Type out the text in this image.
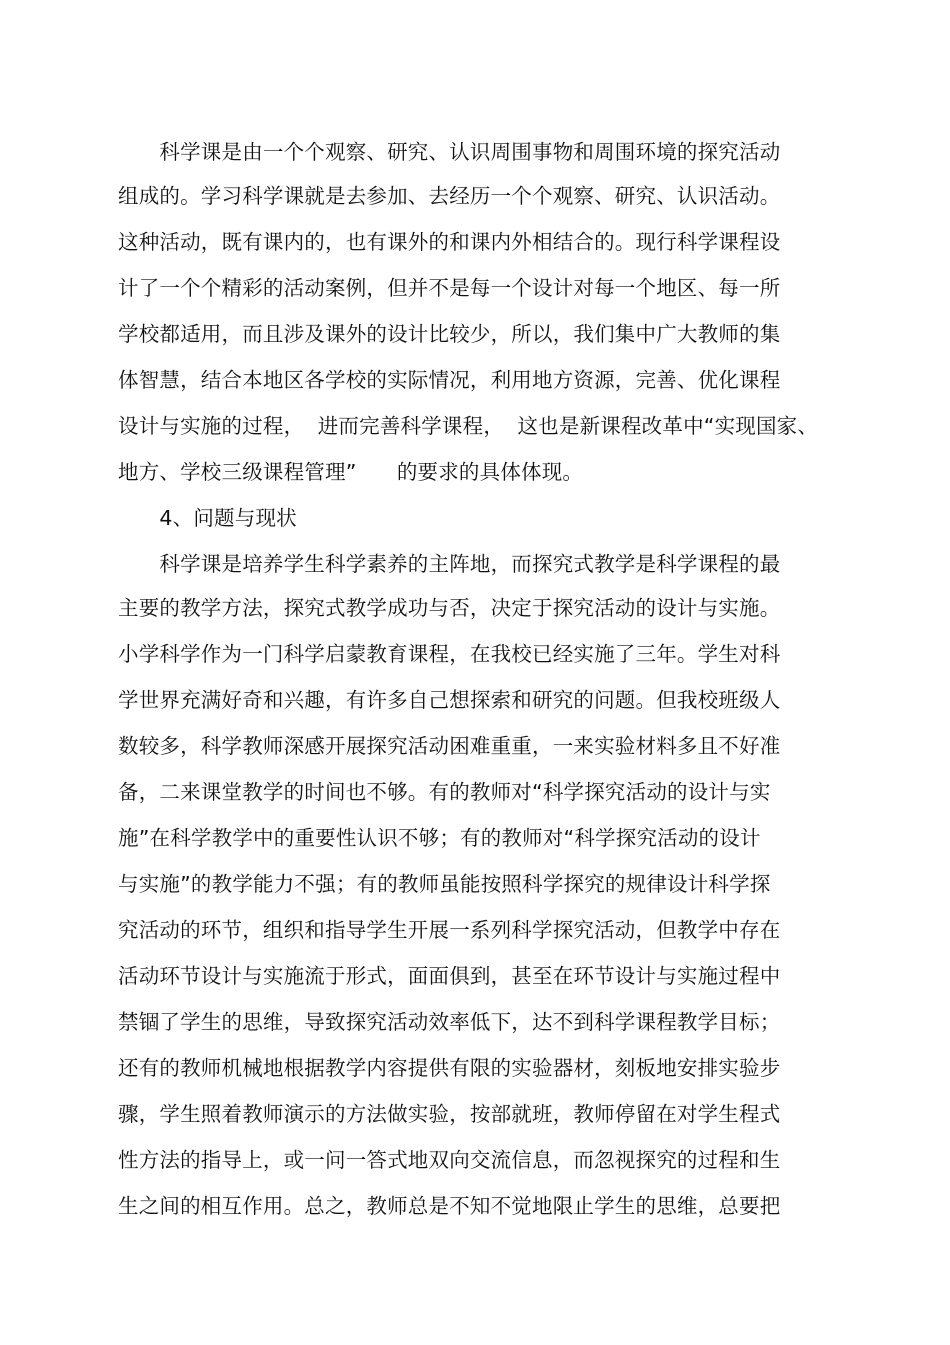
　　科学课是由一个个观察、研究、认识周围事物和周围环境的探究活动
组成的。学习科学课就是去参加、去经历一个个观察、研究、认识活动。
这种活动，既有课内的，也有课外的和课内外相结合的。现行科学课程设
计了一个个精彩的活动案例，但并不是每一个设计对每一个地区、每一所
学校都适用，而且涉及课外的设计比较少，所以，我们集中广大教师的集
体智慧，结合本地区各学校的实际情况，利用地方资源，完善、优化课程
设计与实施的过程，  进而完善科学课程，  这也是新课程改革中“实现国家、
地方、学校三级课程管理”      的要求的具体体现。
　　4、问题与现状
　　科学课是培养学生科学素养的主阵地，而探究式教学是科学课程的最
主要的教学方法，探究式教学成功与否，决定于探究活动的设计与实施。
小学科学作为一门科学启蒙教育课程，在我校已经实施了三年。学生对科
学世界充满好奇和兴趣，有许多自己想探索和研究的问题。但我校班级人
数较多，科学教师深感开展探究活动困难重重，一来实验材料多且不好准
备，二来课堂教学的时间也不够。有的教师对“科学探究活动的设计与实
施”在科学教学中的重要性认识不够；有的教师对“科学探究活动的设计
与实施”的教学能力不强；有的教师虽能按照科学探究的规律设计科学探
究活动的环节，组织和指导学生开展一系列科学探究活动，但教学中存在
活动环节设计与实施流于形式，面面俱到，甚至在环节设计与实施过程中
禁锢了学生的思维，导致探究活动效率低下，达不到科学课程教学目标；
还有的教师机械地根据教学内容提供有限的实验器材，刻板地安排实验步
骤，学生照着教师演示的方法做实验，按部就班，教师停留在对学生程式
性方法的指导上，或一问一答式地双向交流信息，而忽视探究的过程和生
生之间的相互作用。总之，教师总是不知不觉地限止学生的思维，总要把
